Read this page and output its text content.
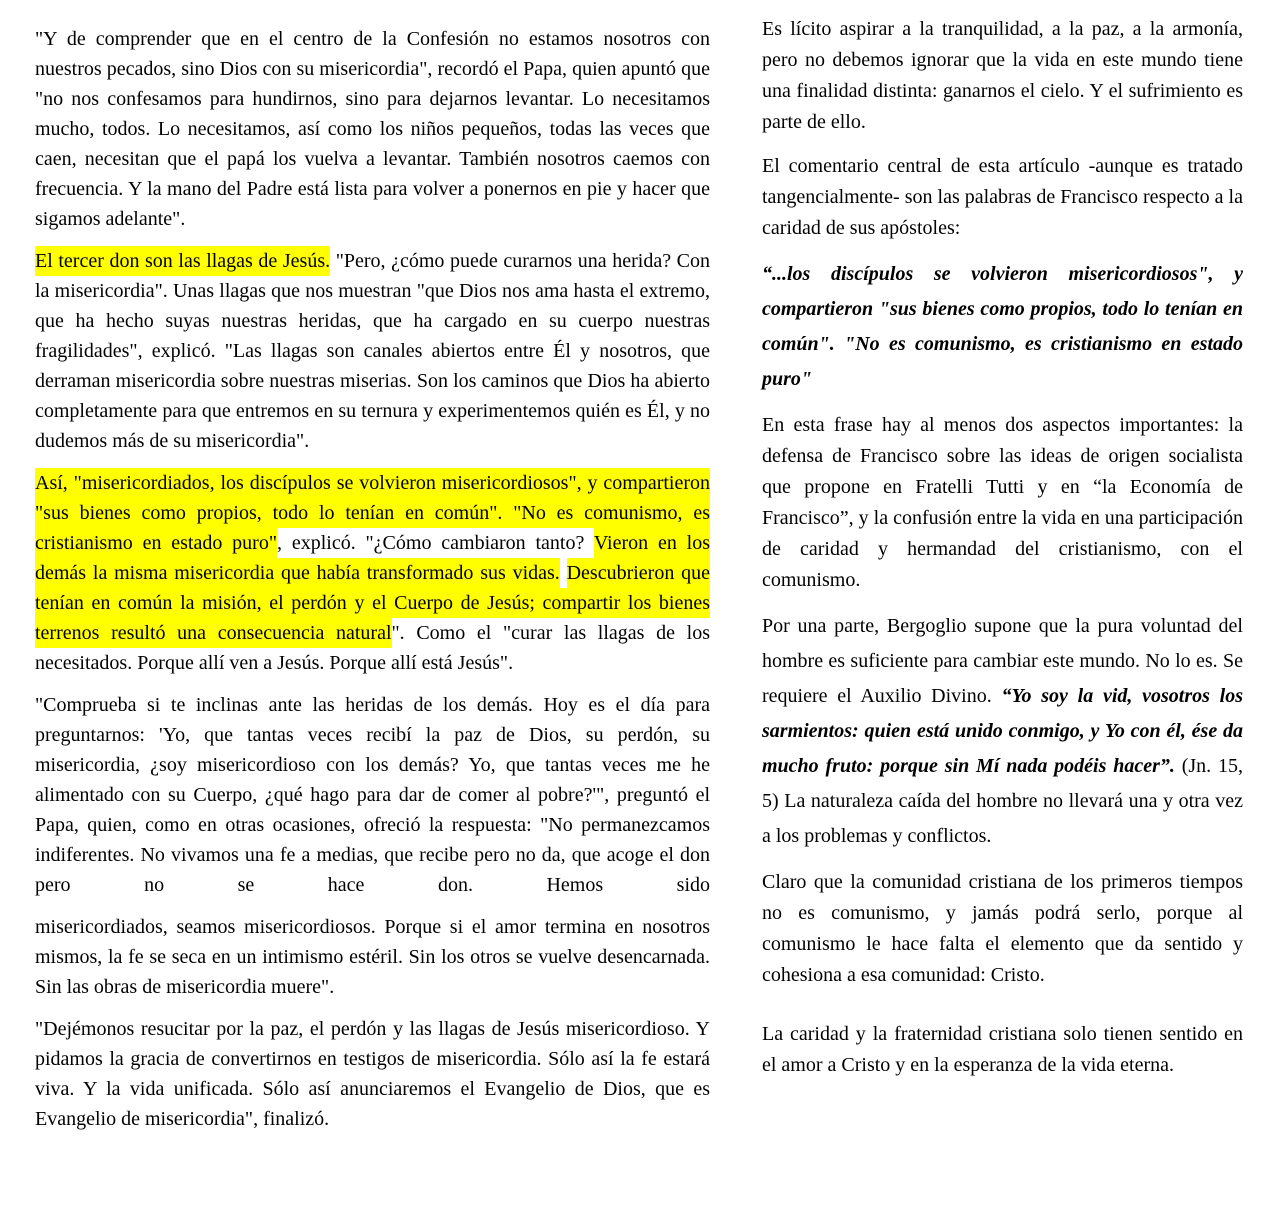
"Y de comprender que en el centro de la Confesión no estamos nosotros con nuestros pecados, sino Dios con su misericordia", recordó el Papa, quien apuntó que "no nos confesamos para hundirnos, sino para dejarnos levantar. Lo necesitamos mucho, todos. Lo necesitamos, así como los niños pequeños, todas las veces que caen, necesitan que el papá los vuelva a levantar. También nosotros caemos con frecuencia. Y la mano del Padre está lista para volver a ponernos en pie y hacer que sigamos adelante".

El tercer don son las llagas de Jesús. "Pero, ¿cómo puede curarnos una herida? Con la misericordia". Unas llagas que nos muestran "que Dios nos ama hasta el extremo, que ha hecho suyas nuestras heridas, que ha cargado en su cuerpo nuestras fragilidades", explicó. "Las llagas son canales abiertos entre Él y nosotros, que derraman misericordia sobre nuestras miserias. Son los caminos que Dios ha abierto completamente para que entremos en su ternura y experimentemos quién es Él, y no dudemos más de su misericordia".

Así, "misericordiados, los discípulos se volvieron misericordiosos", y compartieron "sus bienes como propios, todo lo tenían en común". "No es comunismo, es cristianismo en estado puro", explicó. "¿Cómo cambiaron tanto? Vieron en los demás la misma misericordia que había transformado sus vidas. Descubrieron que tenían en común la misión, el perdón y el Cuerpo de Jesús; compartir los bienes terrenos resultó una consecuencia natural". Como el "curar las llagas de los necesitados. Porque allí ven a Jesús. Porque allí está Jesús".

"Comprueba si te inclinas ante las heridas de los demás. Hoy es el día para preguntarnos: 'Yo, que tantas veces recibí la paz de Dios, su perdón, su misericordia, ¿soy misericordioso con los demás? Yo, que tantas veces me he alimentado con su Cuerpo, ¿qué hago para dar de comer al pobre?'", preguntó el Papa, quien, como en otras ocasiones, ofreció la respuesta: "No permanezcamos indiferentes. No vivamos una fe a medias, que recibe pero no da, que acoge el don pero no se hace don. Hemos sido

misericordiados, seamos misericordiosos. Porque si el amor termina en nosotros mismos, la fe se seca en un intimismo estéril. Sin los otros se vuelve desencarnada. Sin las obras de misericordia muere".

"Dejémonos resucitar por la paz, el perdón y las llagas de Jesús misericordioso. Y pidamos la gracia de convertirnos en testigos de misericordia. Sólo así la fe estará viva. Y la vida unificada. Sólo así anunciaremos el Evangelio de Dios, que es Evangelio de misericordia", finalizó.

Es lícito aspirar a la tranquilidad, a la paz, a la armonía, pero no debemos ignorar que la vida en este mundo tiene una finalidad distinta: ganarnos el cielo. Y el sufrimiento es parte de ello.

El comentario central de esta artículo -aunque es tratado tangencialmente- son las palabras de Francisco respecto a la caridad de sus apóstoles:

“...los discípulos se volvieron misericordiosos", y compartieron "sus bienes como propios, todo lo tenían en común". "No es comunismo, es cristianismo en estado puro"

En esta frase hay al menos dos aspectos importantes: la defensa de Francisco sobre las ideas de origen socialista que propone en Fratelli Tutti y en “la Economía de Francisco”, y la confusión entre la vida en una participación de caridad y hermandad del cristianismo, con el comunismo.

Por una parte, Bergoglio supone que la pura voluntad del hombre es suficiente para cambiar este mundo. No lo es. Se requiere el Auxilio Divino. “Yo soy la vid, vosotros los sarmientos: quien está unido conmigo, y Yo con él, ése da mucho fruto: porque sin Mí nada podéis hacer”. (Jn. 15, 5) La naturaleza caída del hombre no llevará una y otra vez a los problemas y conflictos.

Claro que la comunidad cristiana de los primeros tiempos no es comunismo, y jamás podrá serlo, porque al comunismo le hace falta el elemento que da sentido y cohesiona a esa comunidad: Cristo.

La caridad y la fraternidad cristiana solo tienen sentido en el amor a Cristo y en la esperanza de la vida eterna.
